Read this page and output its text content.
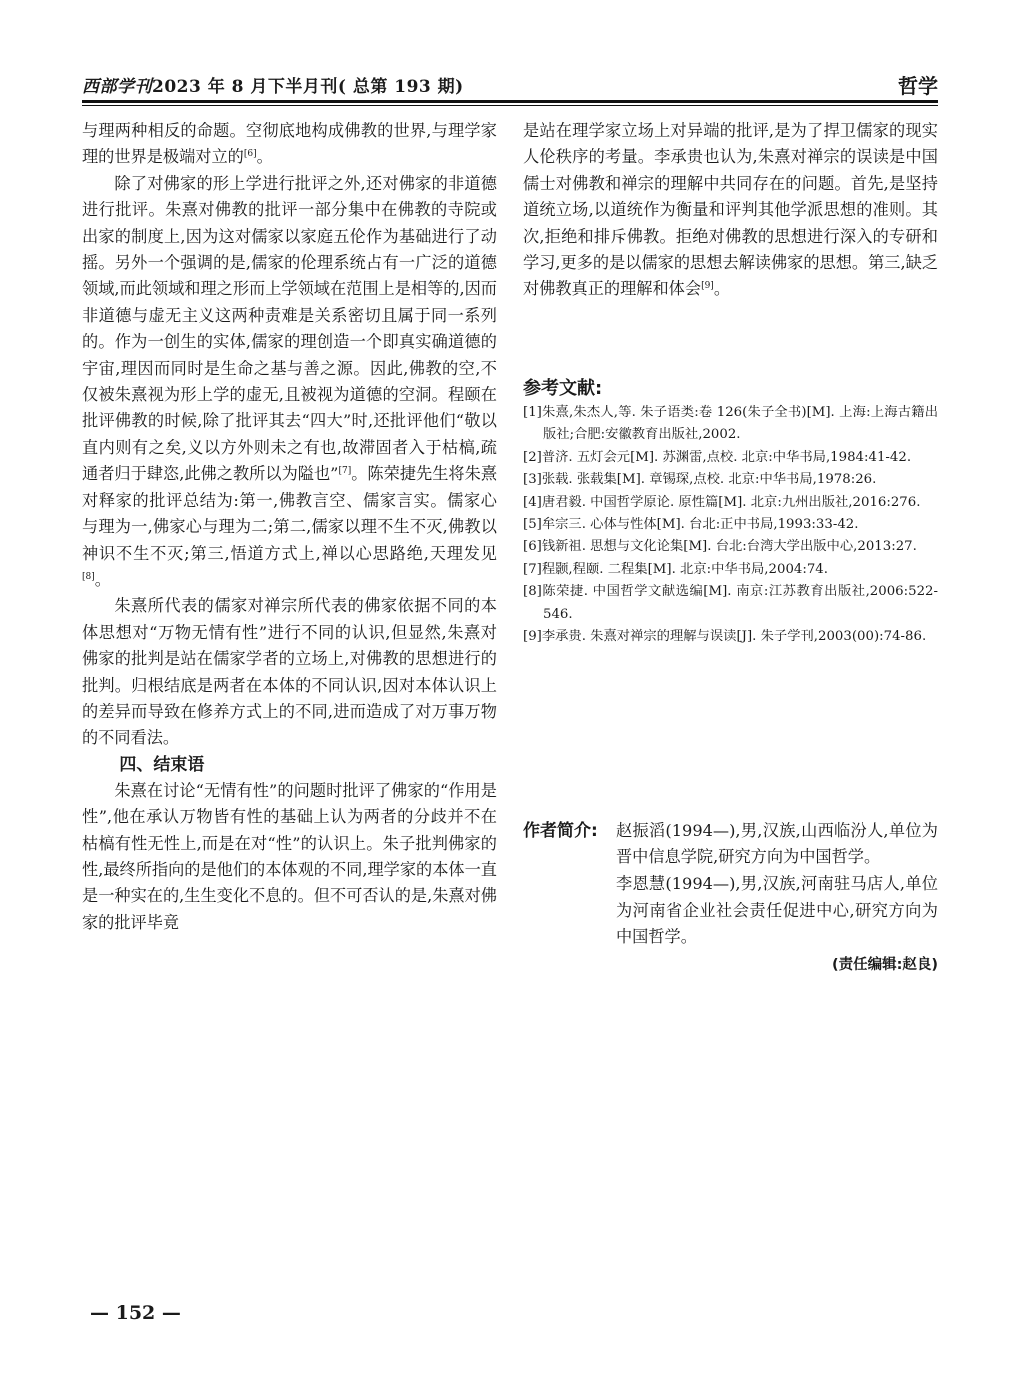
西部学刊2023 年 8 月下半月刊( 总第 193 期)	哲学

与理两种相反的命题。空彻底地构成佛教的世界,与理学家理的世界是极端对立的[6]。

除了对佛家的形上学进行批评之外,还对佛家的非道德进行批评。朱熹对佛教的批评一部分集中在佛教的寺院或出家的制度上,因为这对儒家以家庭五伦作为基础进行了动摇。另外一个强调的是,儒家的伦理系统占有一广泛的道德领域,而此领域和理之形而上学领域在范围上是相等的,因而非道德与虚无主义这两种责难是关系密切且属于同一系列的。作为一创生的实体,儒家的理创造一个即真实确道德的宇宙,理因而同时是生命之基与善之源。因此,佛教的空,不仅被朱熹视为形上学的虚无,且被视为道德的空洞。程颐在批评佛教的时候,除了批评其去“四大”时,还批评他们“敬以直内则有之矣,义以方外则未之有也,故滞固者入于枯槁,疏通者归于肆恣,此佛之教所以为隘也”[7]。陈荣捷先生将朱熹对释家的批评总结为:第一,佛教言空、儒家言实。儒家心与理为一,佛家心与理为二;第二,儒家以理不生不灭,佛教以神识不生不灭;第三,悟道方式上,禅以心思路绝,天理发见[8]。

朱熹所代表的儒家对禅宗所代表的佛家依据不同的本体思想对“万物无情有性”进行不同的认识,但显然,朱熹对佛家的批判是站在儒家学者的立场上,对佛教的思想进行的批判。归根结底是两者在本体的不同认识,因对本体认识上的差异而导致在修养方式上的不同,进而造成了对万事万物的不同看法。

四、结束语

朱熹在讨论“无情有性”的问题时批评了佛家的“作用是性”,他在承认万物皆有性的基础上认为两者的分歧并不在枯槁有性无性上,而是在对“性”的认识上。朱子批判佛家的性,最终所指向的是他们的本体观的不同,理学家的本体一直是一种实在的,生生变化不息的。但不可否认的是,朱熹对佛家的批评毕竟

是站在理学家立场上对异端的批评,是为了捍卫儒家的现实人伦秩序的考量。李承贵也认为,朱熹对禅宗的误读是中国儒士对佛教和禅宗的理解中共同存在的问题。首先,是坚持道统立场,以道统作为衡量和评判其他学派思想的准则。其次,拒绝和排斥佛教。拒绝对佛教的思想进行深入的专研和学习,更多的是以儒家的思想去解读佛家的思想。第三,缺乏对佛教真正的理解和体会[9]。

参考文献:
[1]朱熹,朱杰人,等. 朱子语类:卷 126(朱子全书)[M]. 上海:上海古籍出版社;合肥:安徽教育出版社,2002.
[2]普济. 五灯会元[M]. 苏渊雷,点校. 北京:中华书局,1984:41-42.
[3]张载. 张载集[M]. 章锡琛,点校. 北京:中华书局,1978:26.
[4]唐君毅. 中国哲学原论. 原性篇[M]. 北京:九州出版社,2016:276.
[5]牟宗三. 心体与性体[M]. 台北:正中书局,1993:33-42.
[6]钱新祖. 思想与文化论集[M]. 台北:台湾大学出版中心,2013:27.
[7]程颢,程颐. 二程集[M]. 北京:中华书局,2004:74.
[8]陈荣捷. 中国哲学文献选编[M]. 南京:江苏教育出版社,2006:522-546.
[9]李承贵. 朱熹对禅宗的理解与误读[J]. 朱子学刊,2003(00):74-86.
作者简介: 赵振滔(1994—),男,汉族,山西临汾人,单位为晋中信息学院,研究方向为中国哲学。
李恩慧(1994—),男,汉族,河南驻马店人,单位为河南省企业社会责任促进中心,研究方向为中国哲学。
(责任编辑:赵良)
— 152 —
